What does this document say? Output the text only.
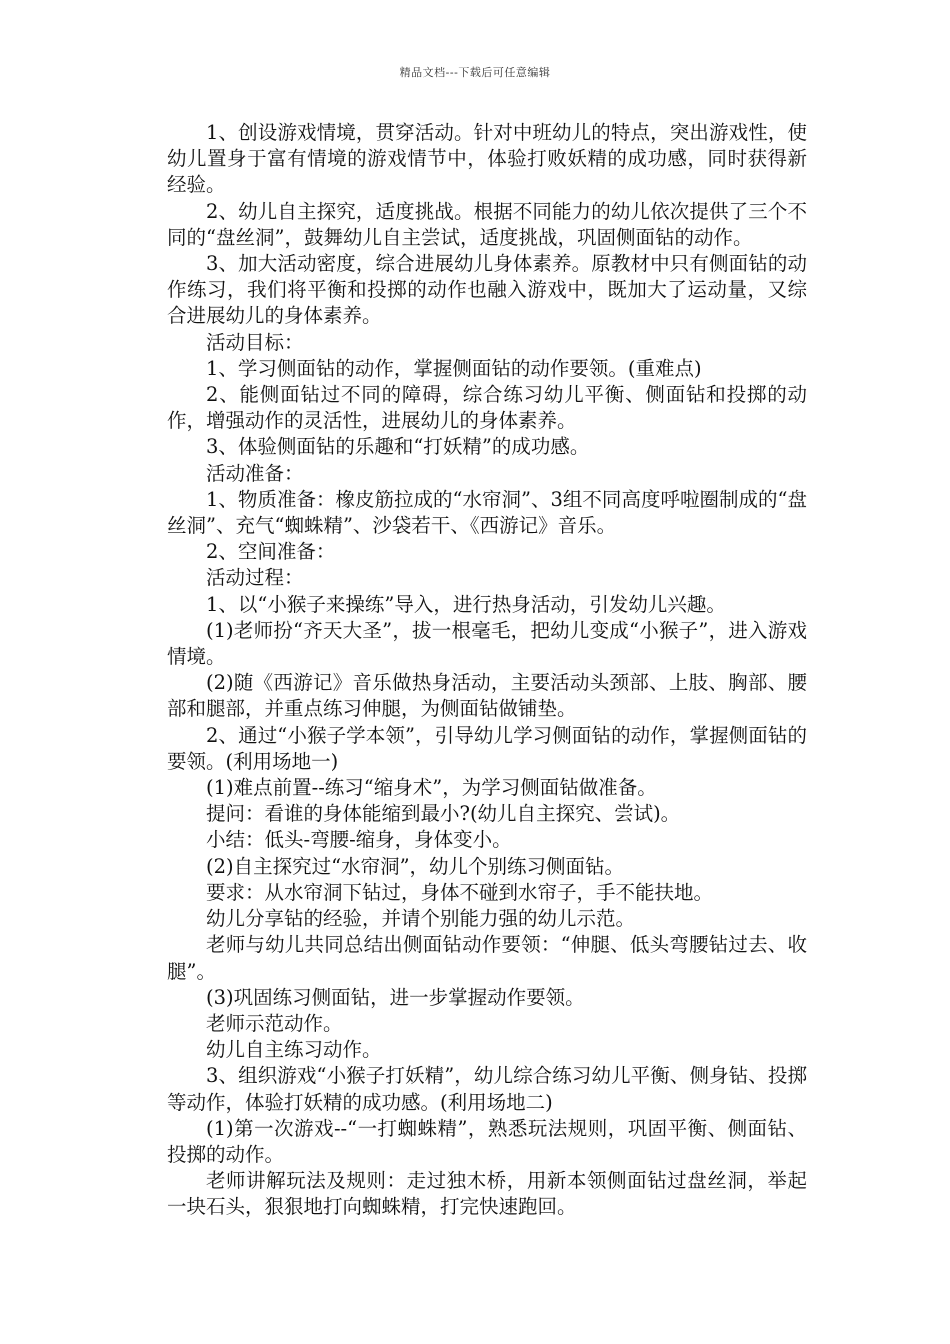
精品文档---下载后可任意编辑

1、创设游戏情境，贯穿活动。针对中班幼儿的特点，突出游戏性，使幼儿置身于富有情境的游戏情节中，体验打败妖精的成功感，同时获得新经验。

2、幼儿自主探究，适度挑战。根据不同能力的幼儿依次提供了三个不同的“盘丝洞”，鼓舞幼儿自主尝试，适度挑战，巩固侧面钻的动作。

3、加大活动密度，综合进展幼儿身体素养。原教材中只有侧面钻的动作练习，我们将平衡和投掷的动作也融入游戏中，既加大了运动量，又综合进展幼儿的身体素养。

活动目标：

1、学习侧面钻的动作，掌握侧面钻的动作要领。(重难点)

2、能侧面钻过不同的障碍，综合练习幼儿平衡、侧面钻和投掷的动作，增强动作的灵活性，进展幼儿的身体素养。

3、体验侧面钻的乐趣和“打妖精”的成功感。

活动准备：

1、物质准备：橡皮筋拉成的“水帘洞”、3组不同高度呼啦圈制成的“盘丝洞”、充气“蜘蛛精”、沙袋若干、《西游记》音乐。

2、空间准备：

活动过程：

1、以“小猴子来操练”导入，进行热身活动，引发幼儿兴趣。

(1)老师扮“齐天大圣”，拔一根毫毛，把幼儿变成“小猴子”，进入游戏情境。

(2)随《西游记》音乐做热身活动，主要活动头颈部、上肢、胸部、腰部和腿部，并重点练习伸腿，为侧面钻做铺垫。

2、通过“小猴子学本领”，引导幼儿学习侧面钻的动作，掌握侧面钻的要领。(利用场地一)

(1)难点前置--练习“缩身术”，为学习侧面钻做准备。

提问：看谁的身体能缩到最小?(幼儿自主探究、尝试)。

小结：低头-弯腰-缩身，身体变小。

(2)自主探究过“水帘洞”，幼儿个别练习侧面钻。

要求：从水帘洞下钻过，身体不碰到水帘子，手不能扶地。

幼儿分享钻的经验，并请个别能力强的幼儿示范。

老师与幼儿共同总结出侧面钻动作要领：“伸腿、低头弯腰钻过去、收腿”。

(3)巩固练习侧面钻，进一步掌握动作要领。

老师示范动作。

幼儿自主练习动作。

3、组织游戏“小猴子打妖精”，幼儿综合练习幼儿平衡、侧身钻、投掷等动作，体验打妖精的成功感。(利用场地二)

(1)第一次游戏--“一打蜘蛛精”，熟悉玩法规则，巩固平衡、侧面钻、投掷的动作。

老师讲解玩法及规则：走过独木桥，用新本领侧面钻过盘丝洞，举起一块石头，狠狠地打向蜘蛛精，打完快速跑回。
